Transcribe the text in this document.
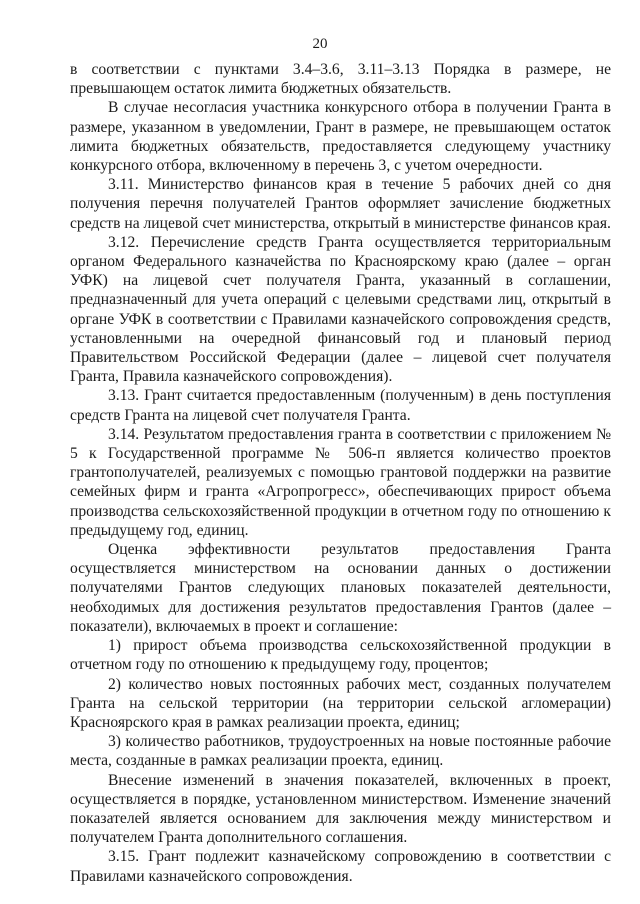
20

в соответствии с пунктами 3.4–3.6, 3.11–3.13 Порядка в размере, не превышающем остаток лимита бюджетных обязательств.

В случае несогласия участника конкурсного отбора в получении Гранта в размере, указанном в уведомлении, Грант в размере, не превышающем остаток лимита бюджетных обязательств, предоставляется следующему участнику конкурсного отбора, включенному в перечень 3, с учетом очередности.

3.11. Министерство финансов края в течение 5 рабочих дней со дня получения перечня получателей Грантов оформляет зачисление бюджетных средств на лицевой счет министерства, открытый в министерстве финансов края.

3.12. Перечисление средств Гранта осуществляется территориальным органом Федерального казначейства по Красноярскому краю (далее – орган УФК) на лицевой счет получателя Гранта, указанный в соглашении, предназначенный для учета операций с целевыми средствами лиц, открытый в органе УФК в соответствии с Правилами казначейского сопровождения средств, установленными на очередной финансовый год и плановый период Правительством Российской Федерации (далее – лицевой счет получателя Гранта, Правила казначейского сопровождения).

3.13. Грант считается предоставленным (полученным) в день поступления средств Гранта на лицевой счет получателя Гранта.

3.14. Результатом предоставления гранта в соответствии с приложением № 5 к Государственной программе № 506-п является количество проектов грантополучателей, реализуемых с помощью грантовой поддержки на развитие семейных фирм и гранта «Агропрогресс», обеспечивающих прирост объема производства сельскохозяйственной продукции в отчетном году по отношению к предыдущему год, единиц.

Оценка эффективности результатов предоставления Гранта осуществляется министерством на основании данных о достижении получателями Грантов следующих плановых показателей деятельности, необходимых для достижения результатов предоставления Грантов (далее – показатели), включаемых в проект и соглашение:

1) прирост объема производства сельскохозяйственной продукции в отчетном году по отношению к предыдущему году, процентов;

2) количество новых постоянных рабочих мест, созданных получателем Гранта на сельской территории (на территории сельской агломерации) Красноярского края в рамках реализации проекта, единиц;

3) количество работников, трудоустроенных на новые постоянные рабочие места, созданные в рамках реализации проекта, единиц.

Внесение изменений в значения показателей, включенных в проект, осуществляется в порядке, установленном министерством. Изменение значений показателей является основанием для заключения между министерством и получателем Гранта дополнительного соглашения.

3.15. Грант подлежит казначейскому сопровождению в соответствии с Правилами казначейского сопровождения.
